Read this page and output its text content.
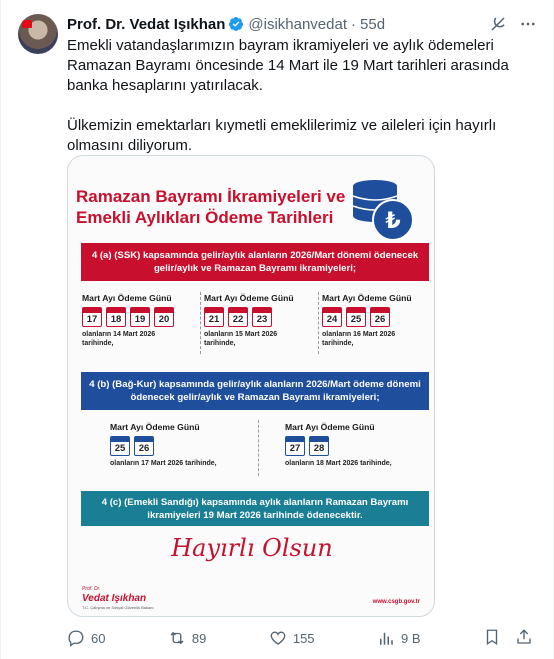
Prof. Dr. Vedat Işıkhan @isikhanvedat · 55d

Emekli vatandaşlarımızın bayram ikramiyeleri ve aylık ödemeleri Ramazan Bayramı öncesinde 14 Mart ile 19 Mart tarihleri arasında banka hesaplarını yatırılacak.

Ülkemizin emektarları kıymetli emeklilerimiz ve aileleri için hayırlı olmasını diliyorum.

Ramazan Bayramı İkramiyeleri ve
Emekli Aylıkları Ödeme Tarihleri	₺
4 (a) (SSK) kapsamında gelir/aylık alanların 2026/Mart dönemi ödenecek gelir/aylık ve Ramazan Bayramı ikramiyeleri;
Mart Ayı Ödeme Günü
17	18	19	20
olanların 14 Mart 2026
tarihinde,
Mart Ayı Ödeme Günü
21	22	23
olanların 15 Mart 2026
tarihinde,
Mart Ayı Ödeme Günü
24	25	26
olanların 16 Mart 2026
tarihinde,
4 (b) (Bağ-Kur) kapsamında gelir/aylık alanların 2026/Mart ödeme dönemi ödenecek gelir/aylık ve Ramazan Bayramı ikramiyeleri;
Mart Ayı Ödeme Günü
25	26
olanların 17 Mart 2026 tarihinde,
Mart Ayı Ödeme Günü
27	28
olanların 18 Mart 2026 tarihinde,
4 (c) (Emekli Sandığı) kapsamında aylık alanların Ramazan Bayramı ikramiyeleri 19 Mart 2026 tarihinde ödenecektir.
Hayırlı Olsun
Prof. Dr.
Vedat Işıkhan
T.C. Çalışma ve Sosyal Güvenlik Bakanı
www.csgb.gov.tr
60	89	155	9 B
